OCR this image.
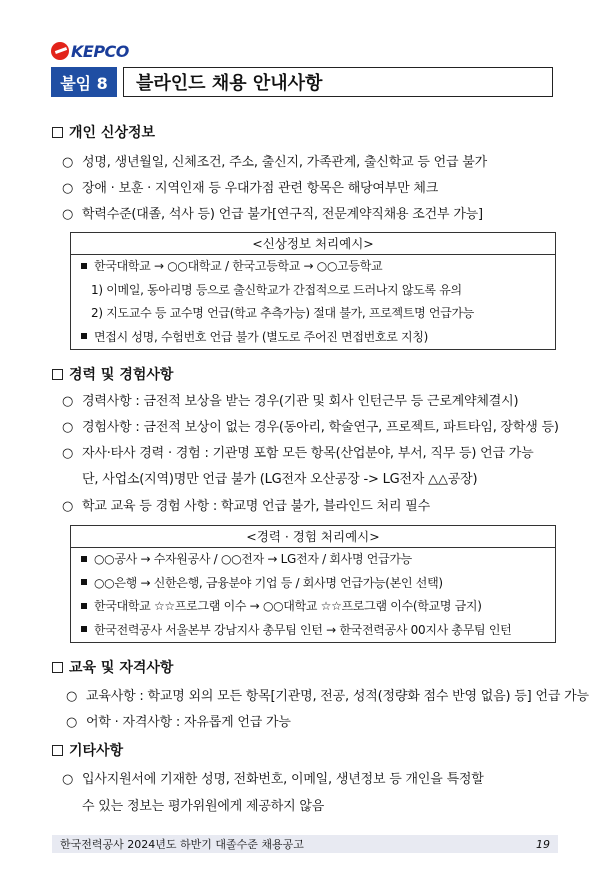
KEPCO
붙임 8	블라인드 채용 안내사항
개인 신상정보
○ 성명, 생년월일, 신체조건, 주소, 출신지, 가족관계, 출신학교 등 언급 불가
○ 장애 · 보훈 · 지역인재 등 우대가점 관련 항목은 해당여부만 체크
○ 학력수준(대졸, 석사 등) 언급 불가[연구직, 전문계약직채용 조건부 가능]
<신상정보 처리예시>
한국대학교 → ○○대학교 / 한국고등학교 → ○○고등학교
1) 이메일, 동아리명 등으로 출신학교가 간접적으로 드러나지 않도록 유의
2) 지도교수 등 교수명 언급(학교 추측가능) 절대 불가, 프로젝트명 언급가능
면접시 성명, 수험번호 언급 불가 (별도로 주어진 면접번호로 지칭)
경력 및 경험사항
○ 경력사항 : 금전적 보상을 받는 경우(기관 및 회사 인턴근무 등 근로계약체결시)
○ 경험사항 : 금전적 보상이 없는 경우(동아리, 학술연구, 프로젝트, 파트타임, 장학생 등)
○ 자사·타사 경력 · 경험 : 기관명 포함 모든 항목(산업분야, 부서, 직무 등) 언급 가능
단, 사업소(지역)명만 언급 불가 (LG전자 오산공장 -> LG전자 △△공장)
○ 학교 교육 등 경험 사항 : 학교명 언급 불가, 블라인드 처리 필수
<경력 · 경험 처리예시>
○○공사 → 수자원공사 / ○○전자 → LG전자 / 회사명 언급가능
○○은행 → 신한은행, 금융분야 기업 등 / 회사명 언급가능(본인 선택)
한국대학교 ☆☆프로그램 이수 → ○○대학교 ☆☆프로그램 이수(학교명 금지)
한국전력공사 서울본부 강남지사 총무팀 인턴 → 한국전력공사 00지사 총무팀 인턴
교육 및 자격사항
○ 교육사항 : 학교명 외의 모든 항목[기관명, 전공, 성적(정량화 점수 반영 없음) 등] 언급 가능
○ 어학 · 자격사항 : 자유롭게 언급 가능
기타사항
○ 입사지원서에 기재한 성명, 전화번호, 이메일, 생년정보 등 개인을 특정할
수 있는 정보는 평가위원에게 제공하지 않음
한국전력공사 2024년도 하반기 대졸수준 채용공고	19
